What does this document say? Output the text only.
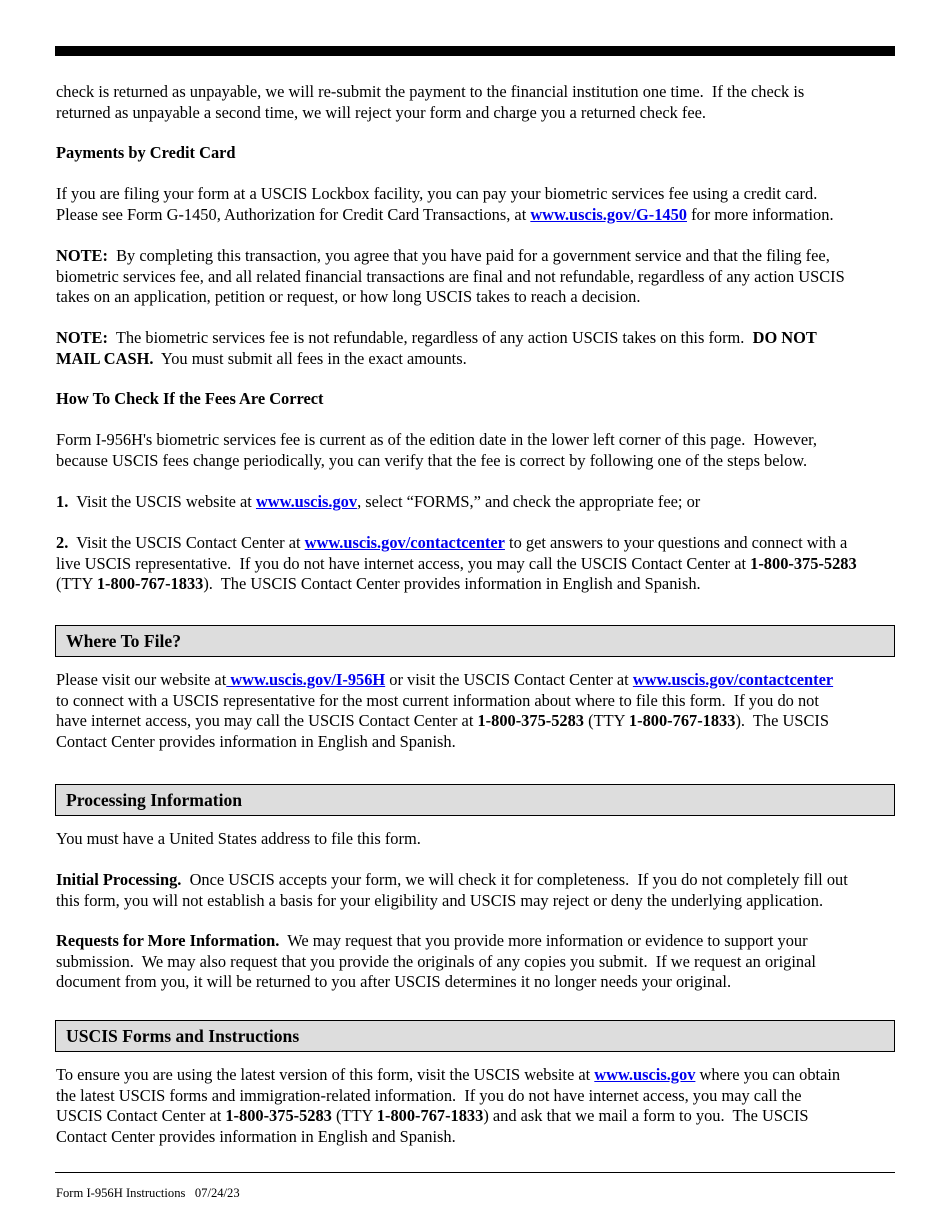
check is returned as unpayable, we will re-submit the payment to the financial institution one time.  If the check is
returned as unpayable a second time, we will reject your form and charge you a returned check fee.

Payments by Credit Card

If you are filing your form at a USCIS Lockbox facility, you can pay your biometric services fee using a credit card.
Please see Form G-1450, Authorization for Credit Card Transactions, at www.uscis.gov/G-1450 for more information.

NOTE:  By completing this transaction, you agree that you have paid for a government service and that the filing fee,
biometric services fee, and all related financial transactions are final and not refundable, regardless of any action USCIS
takes on an application, petition or request, or how long USCIS takes to reach a decision.

NOTE:  The biometric services fee is not refundable, regardless of any action USCIS takes on this form.  DO NOT
MAIL CASH.  You must submit all fees in the exact amounts.

How To Check If the Fees Are Correct

Form I-956H's biometric services fee is current as of the edition date in the lower left corner of this page.  However,
because USCIS fees change periodically, you can verify that the fee is correct by following one of the steps below.

1.  Visit the USCIS website at www.uscis.gov, select “FORMS,” and check the appropriate fee; or

2.  Visit the USCIS Contact Center at www.uscis.gov/contactcenter to get answers to your questions and connect with a
live USCIS representative.  If you do not have internet access, you may call the USCIS Contact Center at 1-800-375-5283
(TTY 1-800-767-1833).  The USCIS Contact Center provides information in English and Spanish.

Where To File?

Please visit our website at www.uscis.gov/I-956H or visit the USCIS Contact Center at www.uscis.gov/contactcenter
to connect with a USCIS representative for the most current information about where to file this form.  If you do not
have internet access, you may call the USCIS Contact Center at 1-800-375-5283 (TTY 1-800-767-1833).  The USCIS
Contact Center provides information in English and Spanish.

Processing Information

You must have a United States address to file this form.

Initial Processing.  Once USCIS accepts your form, we will check it for completeness.  If you do not completely fill out
this form, you will not establish a basis for your eligibility and USCIS may reject or deny the underlying application.

Requests for More Information.  We may request that you provide more information or evidence to support your
submission.  We may also request that you provide the originals of any copies you submit.  If we request an original
document from you, it will be returned to you after USCIS determines it no longer needs your original.

USCIS Forms and Instructions

To ensure you are using the latest version of this form, visit the USCIS website at www.uscis.gov where you can obtain
the latest USCIS forms and immigration-related information.  If you do not have internet access, you may call the
USCIS Contact Center at 1-800-375-5283 (TTY 1-800-767-1833) and ask that we mail a form to you.  The USCIS
Contact Center provides information in English and Spanish.

Form I-956H Instructions   07/24/23
